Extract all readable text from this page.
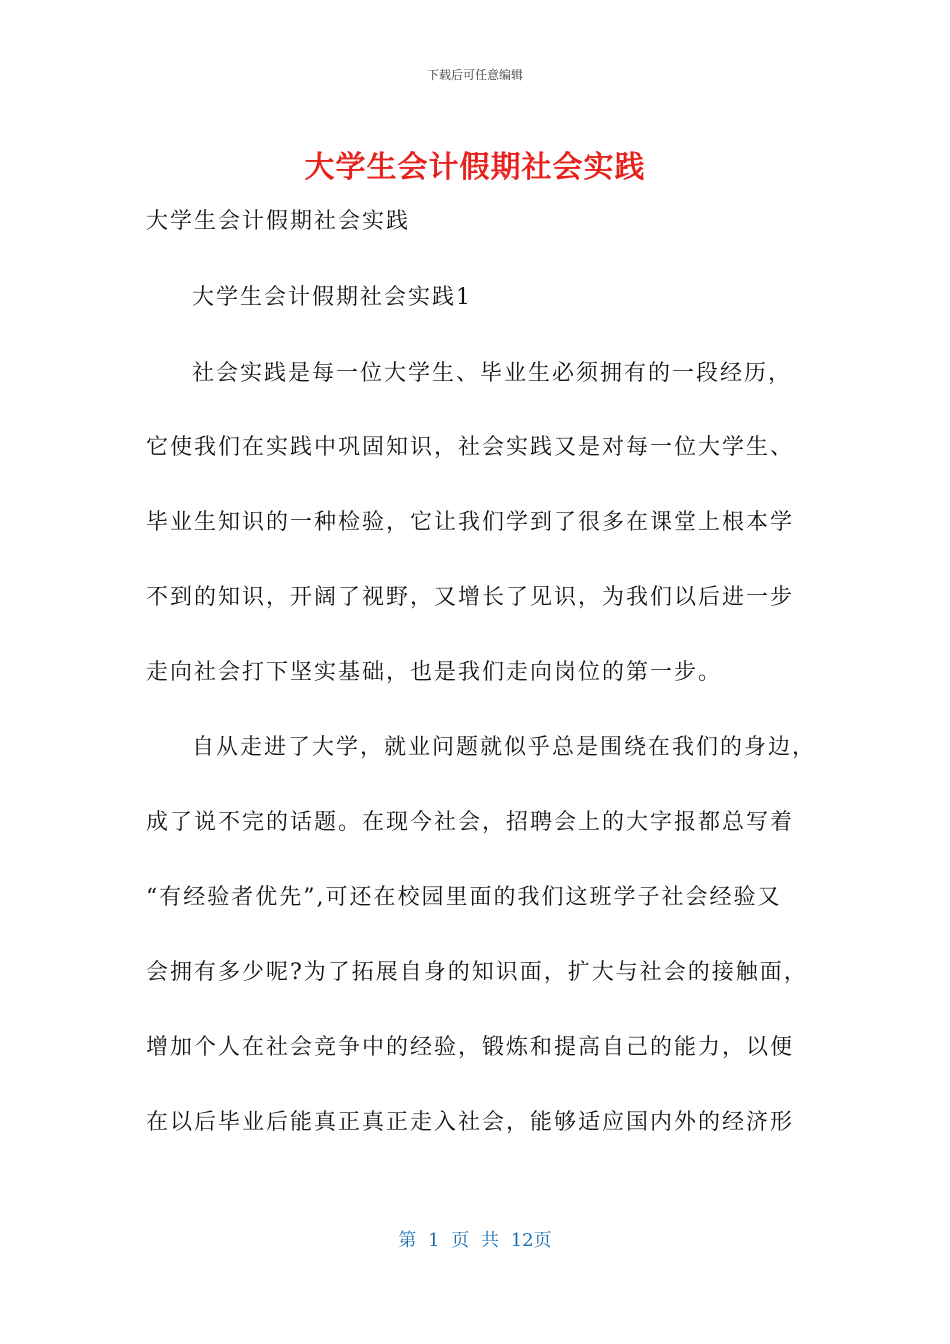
下载后可任意编辑
大学生会计假期社会实践
大学生会计假期社会实践
大学生会计假期社会实践1
社会实践是每一位大学生、毕业生必须拥有的一段经历，
它使我们在实践中巩固知识，社会实践又是对每一位大学生、
毕业生知识的一种检验，它让我们学到了很多在课堂上根本学
不到的知识，开阔了视野，又增长了见识，为我们以后进一步
走向社会打下坚实基础，也是我们走向岗位的第一步。
自从走进了大学，就业问题就似乎总是围绕在我们的身边，
成了说不完的话题。在现今社会，招聘会上的大字报都总写着
“有经验者优先”,可还在校园里面的我们这班学子社会经验又
会拥有多少呢?为了拓展自身的知识面，扩大与社会的接触面，
增加个人在社会竞争中的经验，锻炼和提高自己的能力，以便
在以后毕业后能真正真正走入社会，能够适应国内外的经济形
第 1 页 共 12页
